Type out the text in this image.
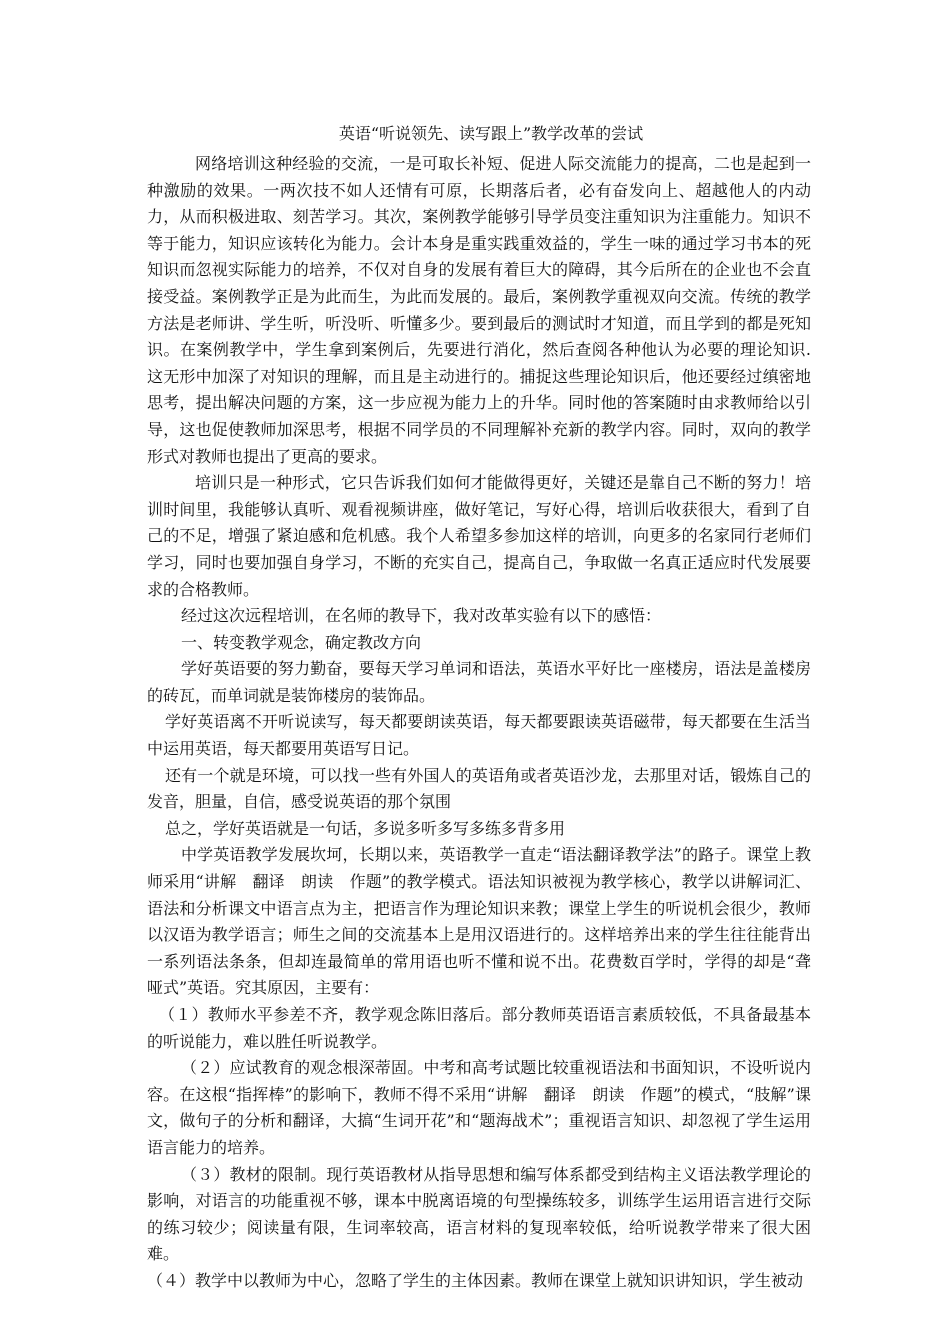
英语“听说领先、读写跟上”教学改革的尝试

网络培训这种经验的交流，一是可取长补短、促进人际交流能力的提高，二也是起到一种激励的效果。一两次技不如人还情有可原，长期落后者，必有奋发向上、超越他人的内动力，从而积极进取、刻苦学习。其次，案例教学能够引导学员变注重知识为注重能力。知识不等于能力，知识应该转化为能力。会计本身是重实践重效益的，学生一味的通过学习书本的死知识而忽视实际能力的培养，不仅对自身的发展有着巨大的障碍，其今后所在的企业也不会直接受益。案例教学正是为此而生，为此而发展的。最后，案例教学重视双向交流。传统的教学方法是老师讲、学生听，听没听、听懂多少。要到最后的测试时才知道，而且学到的都是死知识。在案例教学中，学生拿到案例后，先要进行消化，然后查阅各种他认为必要的理论知识. 这无形中加深了对知识的理解，而且是主动进行的。捕捉这些理论知识后，他还要经过缜密地思考，提出解决问题的方案，这一步应视为能力上的升华。同时他的答案随时由求教师给以引导，这也促使教师加深思考，根据不同学员的不同理解补充新的教学内容。同时，双向的教学形式对教师也提出了更高的要求。

培训只是一种形式，它只告诉我们如何才能做得更好，关键还是靠自己不断的努力！培训时间里，我能够认真听、观看视频讲座，做好笔记，写好心得，培训后收获很大，看到了自己的不足，增强了紧迫感和危机感。我个人希望多参加这样的培训，向更多的名家同行老师们学习，同时也要加强自身学习，不断的充实自己，提高自己，争取做一名真正适应时代发展要求的合格教师。

经过这次远程培训，在名师的教导下，我对改革实验有以下的感悟：

一、转变教学观念，确定教改方向

学好英语要的努力勤奋，要每天学习单词和语法，英语水平好比一座楼房，语法是盖楼房的砖瓦，而单词就是装饰楼房的装饰品。

学好英语离不开听说读写，每天都要朗读英语，每天都要跟读英语磁带，每天都要在生活当中运用英语，每天都要用英语写日记。

还有一个就是环境，可以找一些有外国人的英语角或者英语沙龙，去那里对话，锻炼自己的发音，胆量，自信，感受说英语的那个氛围

总之，学好英语就是一句话，多说多听多写多练多背多用

中学英语教学发展坎坷，长期以来，英语教学一直走“语法翻译教学法”的路子。课堂上教师采用“讲解　翻译　朗读　作题”的教学模式。语法知识被视为教学核心，教学以讲解词汇、语法和分析课文中语言点为主，把语言作为理论知识来教；课堂上学生的听说机会很少，教师以汉语为教学语言；师生之间的交流基本上是用汉语进行的。这样培养出来的学生往往能背出一系列语法条条，但却连最简单的常用语也听不懂和说不出。花费数百学时，学得的却是“聋哑式”英语。究其原因，主要有：

（１）教师水平参差不齐，教学观念陈旧落后。部分教师英语语言素质较低，不具备最基本的听说能力，难以胜任听说教学。

（２）应试教育的观念根深蒂固。中考和高考试题比较重视语法和书面知识，不设听说内容。在这根“指挥棒”的影响下，教师不得不采用“讲解　翻译　朗读　作题”的模式，“肢解”课文，做句子的分析和翻译，大搞“生词开花”和“题海战术”；重视语言知识、却忽视了学生运用 语言能力的培养。

（３）教材的限制。现行英语教材从指导思想和编写体系都受到结构主义语法教学理论的影响，对语言的功能重视不够，课本中脱离语境的句型操练较多，训练学生运用语言进行交际的练习较少；阅读量有限，生词率较高，语言材料的复现率较低，给听说教学带来了很大困难。

（４）教学中以教师为中心，忽略了学生的主体因素。教师在课堂上就知识讲知识，学生被动
